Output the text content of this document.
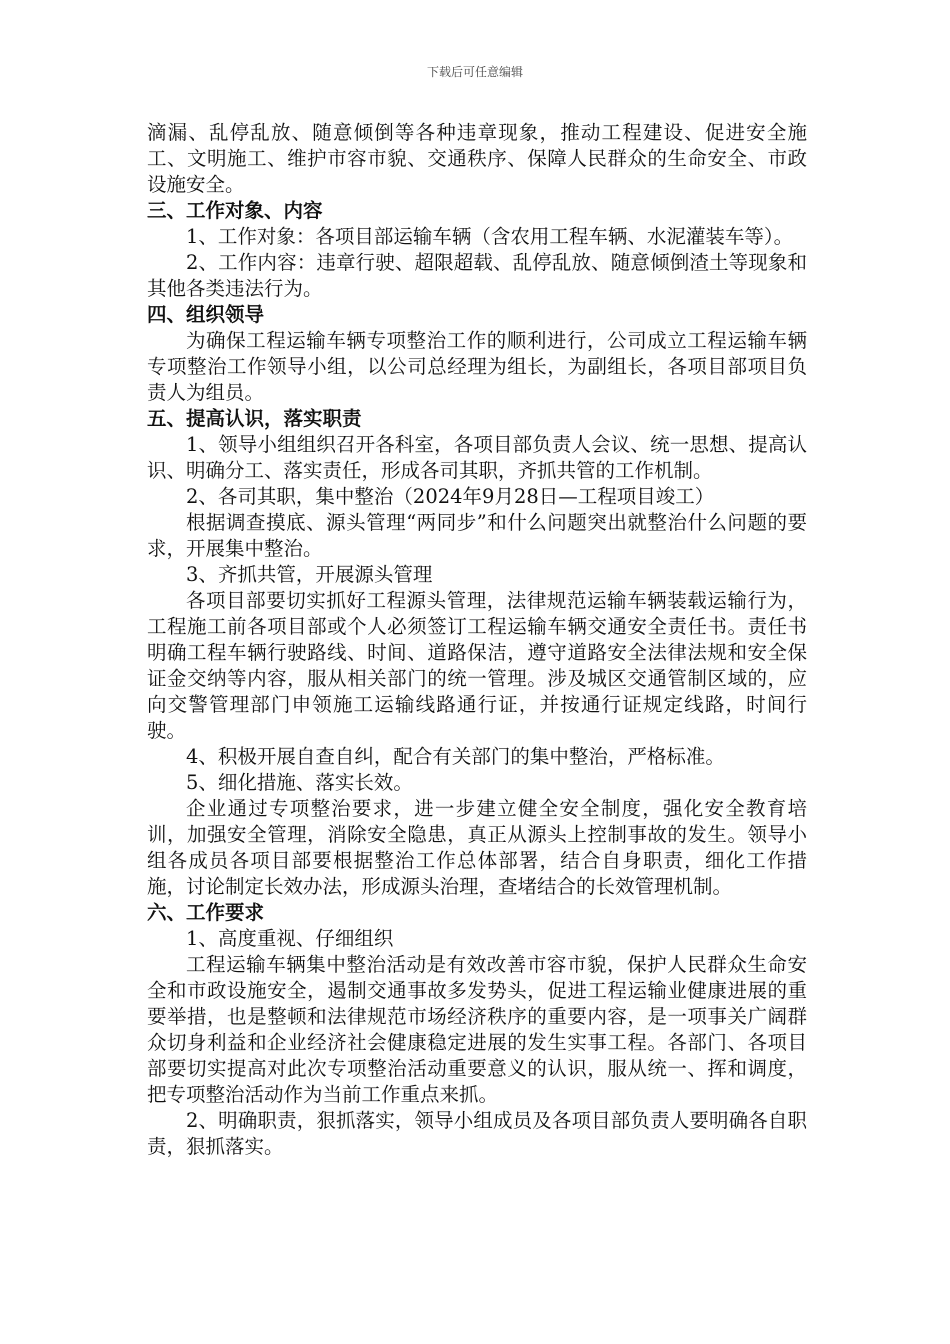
下载后可任意编辑

滴漏、乱停乱放、随意倾倒等各种违章现象，推动工程建设、促进安全施工、文明施工、维护市容市貌、交通秩序、保障人民群众的生命安全、市政设施安全。

三、工作对象、内容

1、工作对象：各项目部运输车辆（含农用工程车辆、水泥灌装车等）。

2、工作内容：违章行驶、超限超载、乱停乱放、随意倾倒渣土等现象和其他各类违法行为。

四、组织领导

为确保工程运输车辆专项整治工作的顺利进行，公司成立工程运输车辆专项整治工作领导小组，以公司总经理为组长，为副组长，各项目部项目负责人为组员。

五、提高认识，落实职责

1、领导小组组织召开各科室，各项目部负责人会议、统一思想、提高认识、明确分工、落实责任，形成各司其职，齐抓共管的工作机制。

2、各司其职，集中整治（2024年9月28日—工程项目竣工）

根据调查摸底、源头管理“两同步”和什么问题突出就整治什么问题的要求，开展集中整治。

3、齐抓共管，开展源头管理

各项目部要切实抓好工程源头管理，法律规范运输车辆装载运输行为，工程施工前各项目部或个人必须签订工程运输车辆交通安全责任书。责任书明确工程车辆行驶路线、时间、道路保洁，遵守道路安全法律法规和安全保证金交纳等内容，服从相关部门的统一管理。涉及城区交通管制区域的，应向交警管理部门申领施工运输线路通行证，并按通行证规定线路，时间行驶。

4、积极开展自查自纠，配合有关部门的集中整治，严格标准。

5、细化措施、落实长效。

企业通过专项整治要求，进一步建立健全安全制度，强化安全教育培训，加强安全管理，消除安全隐患，真正从源头上控制事故的发生。领导小组各成员各项目部要根据整治工作总体部署，结合自身职责，细化工作措施，讨论制定长效办法，形成源头治理，查堵结合的长效管理机制。

六、工作要求

1、高度重视、仔细组织

工程运输车辆集中整治活动是有效改善市容市貌，保护人民群众生命安全和市政设施安全，遏制交通事故多发势头，促进工程运输业健康进展的重要举措，也是整顿和法律规范市场经济秩序的重要内容，是一项事关广阔群众切身利益和企业经济社会健康稳定进展的发生实事工程。各部门、各项目部要切实提高对此次专项整治活动重要意义的认识，服从统一、挥和调度，把专项整治活动作为当前工作重点来抓。

2、明确职责，狠抓落实，领导小组成员及各项目部负责人要明确各自职责，狠抓落实。
